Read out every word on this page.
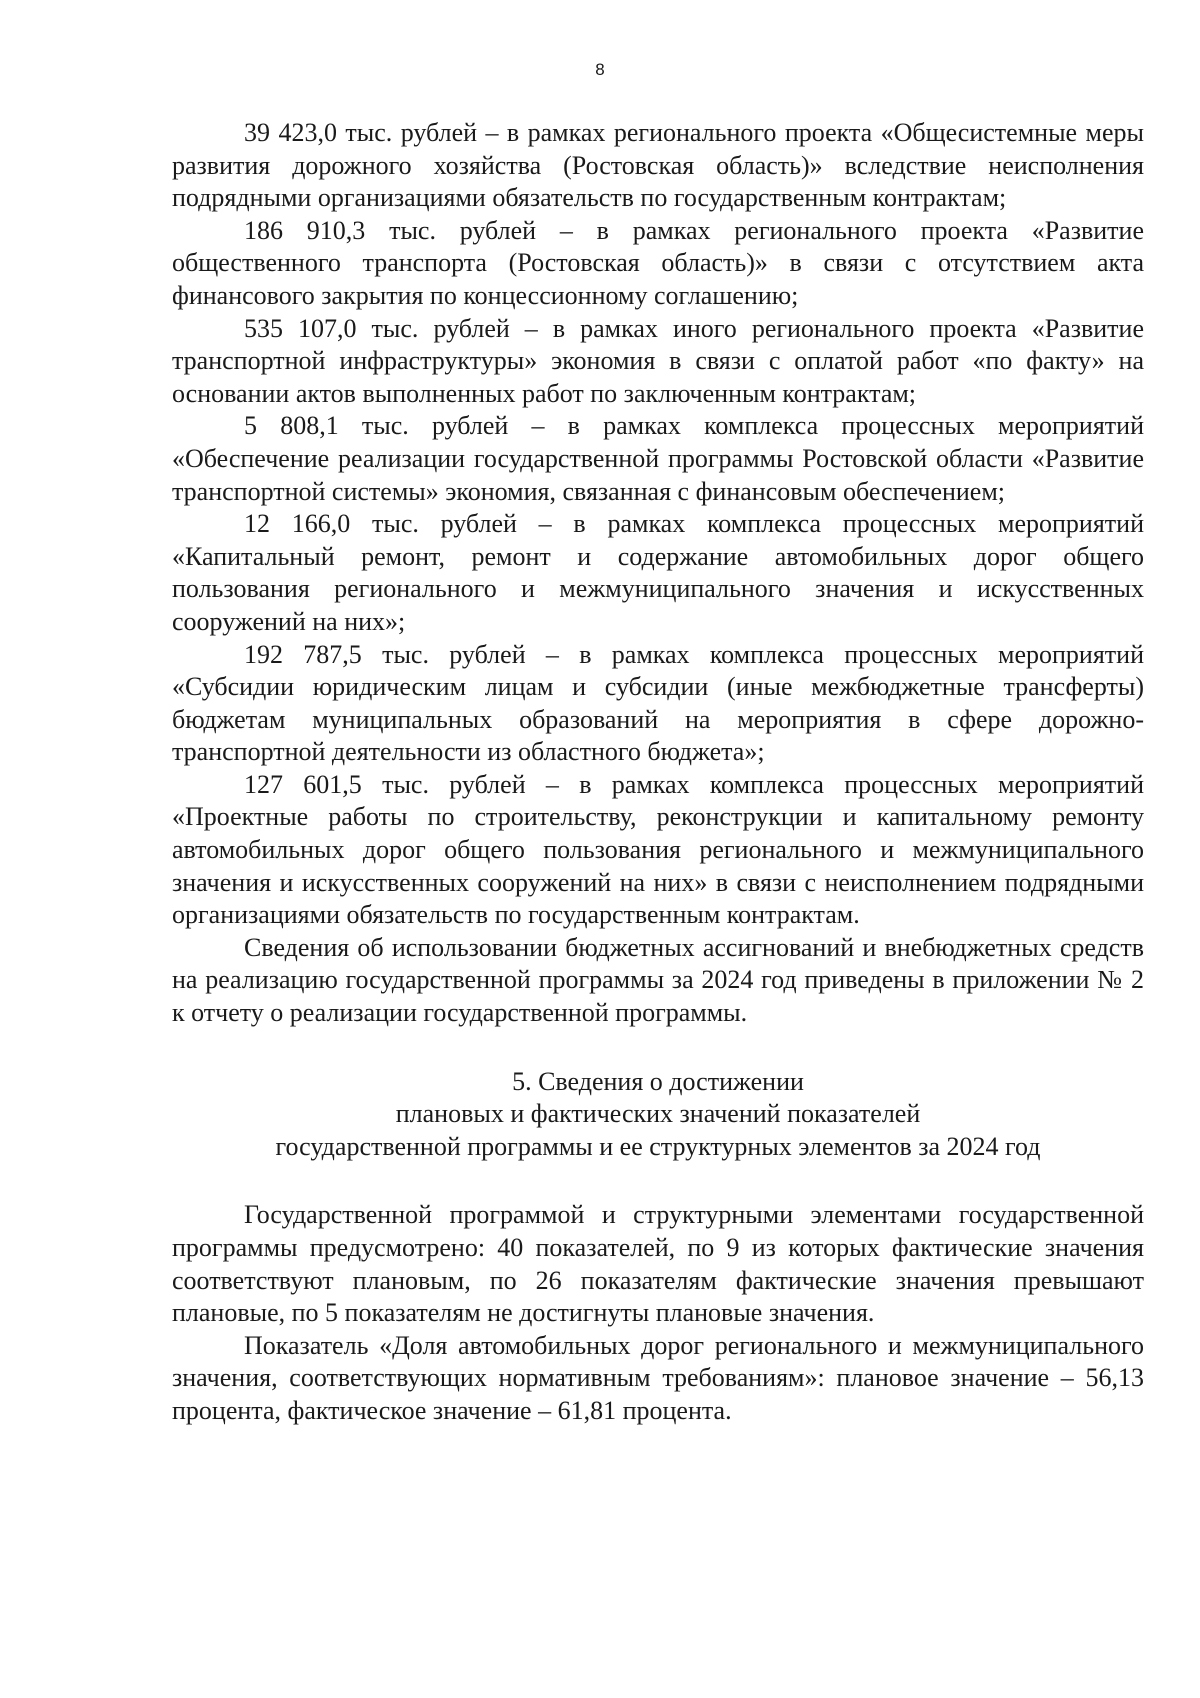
8

39 423,0 тыс. рублей – в рамках регионального проекта «Общесистемные меры развития дорожного хозяйства (Ростовская область)» вследствие неисполнения подрядными организациями обязательств по государственным контрактам;

186 910,3 тыс. рублей – в рамках регионального проекта «Развитие общественного транспорта (Ростовская область)» в связи с отсутствием акта финансового закрытия по концессионному соглашению;

535 107,0 тыс. рублей – в рамках иного регионального проекта «Развитие транспортной инфраструктуры» экономия в связи с оплатой работ «по факту» на основании актов выполненных работ по заключенным контрактам;

5 808,1 тыс. рублей – в рамках комплекса процессных мероприятий «Обеспечение реализации государственной программы Ростовской области «Развитие транспортной системы» экономия, связанная с финансовым обеспечением;

12 166,0 тыс. рублей – в рамках комплекса процессных мероприятий «Капитальный ремонт, ремонт и содержание автомобильных дорог общего пользования регионального и межмуниципального значения и искусственных сооружений на них»;

192 787,5 тыс. рублей – в рамках комплекса процессных мероприятий «Субсидии юридическим лицам и субсидии (иные межбюджетные трансферты) бюджетам муниципальных образований на мероприятия в сфере дорожно-транспортной деятельности из областного бюджета»;

127 601,5 тыс. рублей – в рамках комплекса процессных мероприятий «Проектные работы по строительству, реконструкции и капитальному ремонту автомобильных дорог общего пользования регионального и межмуниципального значения и искусственных сооружений на них» в связи с неисполнением подрядными организациями обязательств по государственным контрактам.

Сведения об использовании бюджетных ассигнований и внебюджетных средств на реализацию государственной программы за 2024 год приведены в приложении № 2 к отчету о реализации государственной программы.

5. Сведения о достижении
плановых и фактических значений показателей
государственной программы и ее структурных элементов за 2024 год

Государственной программой и структурными элементами государственной программы предусмотрено: 40 показателей, по 9 из которых фактические значения соответствуют плановым, по 26 показателям фактические значения превышают плановые, по 5 показателям не достигнуты плановые значения.

Показатель «Доля автомобильных дорог регионального и межмуниципального значения, соответствующих нормативным требованиям»: плановое значение – 56,13 процента, фактическое значение – 61,81 процента.
